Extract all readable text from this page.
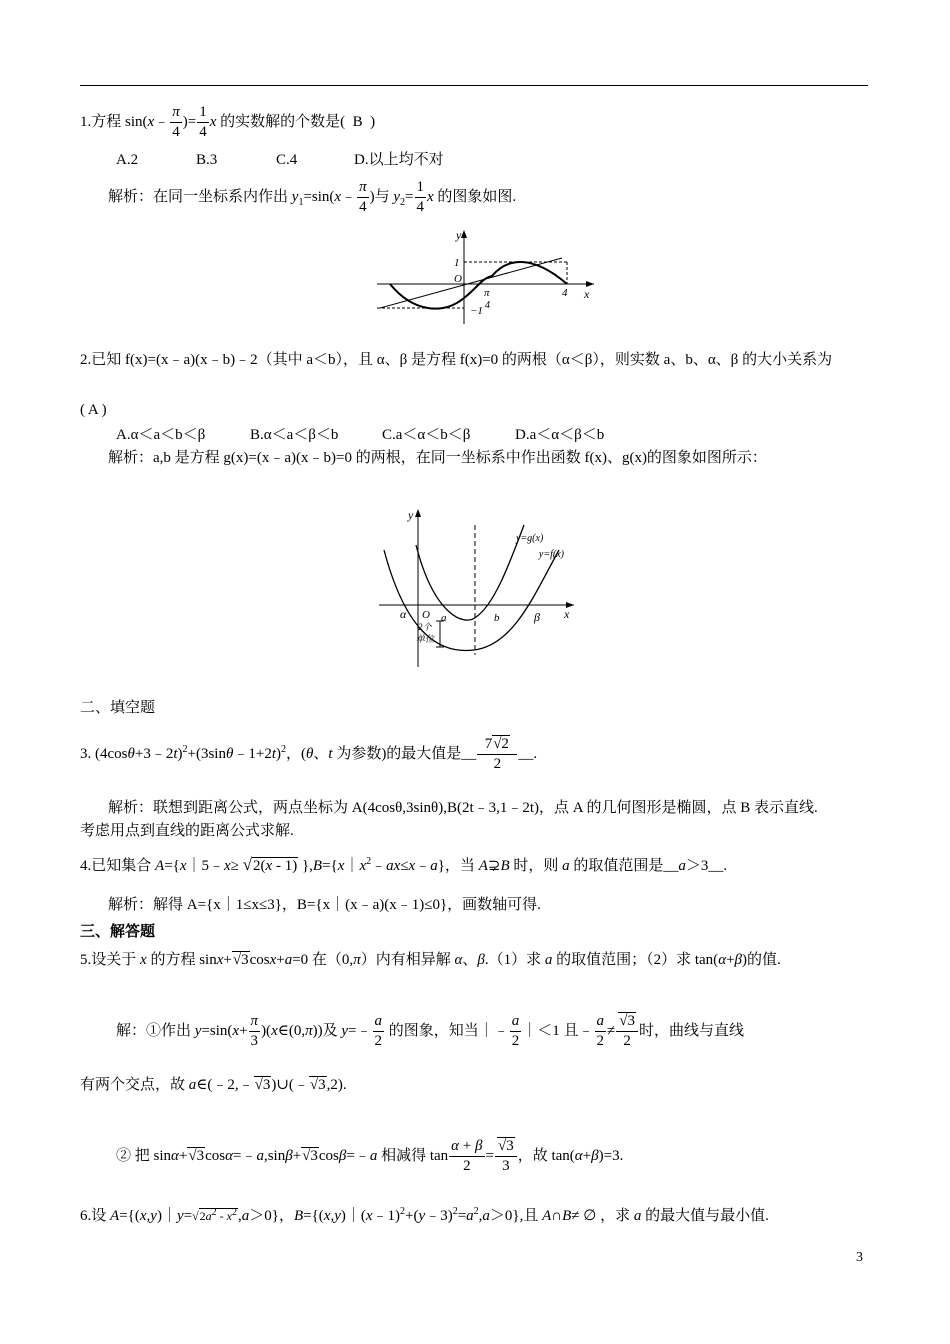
1.方程 sin(x﹣ $\frac{\pi}{4}$ )= $\frac{1}{4}$ x 的实数解的个数是(  B  )
A.2	B.3	C.4	D.以上均不对
解析：在同一坐标系内作出 $y_1=\sin(x﹣ \frac{\pi}{4}$ )与 $y_2= \frac{1}{4}$ x 的图象如图.
y
1
O
π
4
x
4
−1
2.已知 f(x)=(x﹣a)(x﹣b)﹣2（其中 a＜b），且 α、β 是方程 f(x)=0 的两根（α＜β），则实数 a、b、α、β 的大小关系为
( A )
A.α＜a＜b＜β	B.α＜a＜β＜b	C.a＜α＜b＜β	D.a＜α＜β＜b
解析：a,b 是方程 g(x)=(x﹣a)(x﹣b)=0 的两根，在同一坐标系中作出函数 f(x)、g(x)的图象如图所示：
y
y=g(x)
y=f(x)
α O a	b	β x
2个
单位
二、填空题
3. (4cosθ+3﹣2t)$^2$+(3sinθ﹣1+2t)$^2$，(θ、t 为参数)的最大值是__ $\frac{7√2}{2}$ __.
解析：联想到距离公式，两点坐标为 A(4cosθ,3sinθ),B(2t﹣3,1﹣2t)，点 A 的几何图形是椭圆，点 B 表示直线.
考虑用点到直线的距离公式求解.
4.已知集合 A={x｜5﹣x≥ √2(x - 1) }$,B=\{x|x^2﹣ax\le x﹣a\}$，当 A⊋B 时，则 a 的取值范围是__a＞3__.
解析：解得 A={x｜1≤x≤3}，B={x｜(x﹣a)(x﹣1)≤0}，画数轴可得.
三、解答题
5.设关于 x 的方程 sinx+√3cosx+a=0 在（0,π）内有相异解 α、β.（1）求 a 的取值范围；（2）求 tan(α+β)的值.
解：①作出 $y=\sin(x+ \frac{\pi}{3}$ )(x∈(0,π))及 y=﹣ $\frac{a}{2}$ 的图象，知当｜﹣ $\frac{a}{2}$ ｜＜1 且﹣ $\frac{a}{2} \ne \frac{√3}{2}$ 时，曲线与直线
有两个交点，故 a∈(﹣2,﹣√3)∪(﹣√3,2).
② 把 sinα+√3cosα=﹣a,sinβ+√3cosβ=﹣a 相减得 $\tan \frac{\alpha + \beta}{2} = \frac{√3}{3}$ ，故 tan(α+β)=3.
6.设 $A=\{(x,y)|y=√2a^2 - x^2,a>0\}$，$B=\{(x,y)|(x﹣1)^2+(y﹣3)^2=a^2,a>0\}$,且 A∩B≠ ∅ ，求 a 的最大值与最小值.
3
